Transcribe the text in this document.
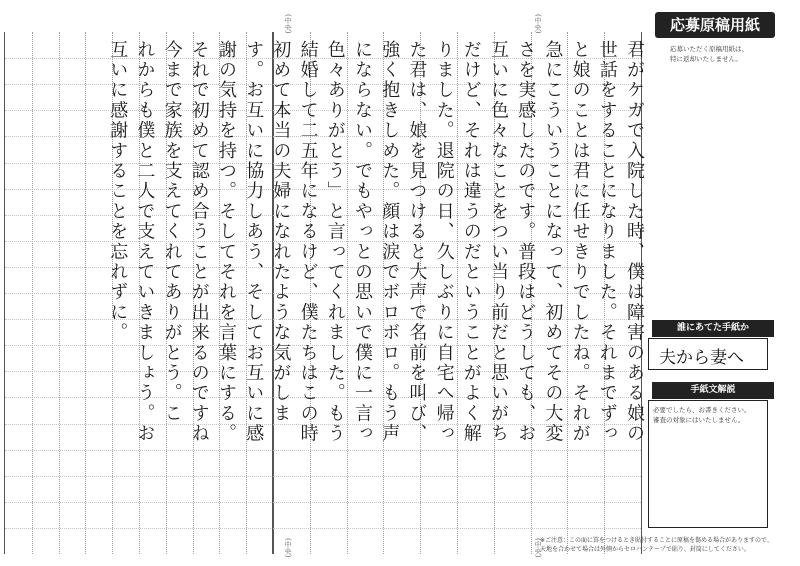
(中央)	(中央)
(中央)	(中央)
君がケガで入院した時、僕は障害のある娘の
世話をすることになりました。それまでずっ
と娘のことは君に任せきりでしたね。それが
急にこういうことになって、初めてその大変
さを実感したのです。普段はどうしても、お
互いに色々なことをつい当り前だと思いがち
だけど、それは違うのだということがよく解
りました。退院の日、久しぶりに自宅へ帰っ
た君は、娘を見つけると大声で名前を叫び、
強く抱きしめた。顔は涙でボロボロ。もう声
にならない。でもやっとの思いで僕に一言っ
色々ありがとう」と言ってくれました。もう
結婚して二五年になるけど、僕たちはこの時
初めて本当の夫婦になれたような気がしま
す。お互いに協力しあう、そしてお互いに感
謝の気持を持つ。そしてそれを言葉にする。
それで初めて認め合うことが出来るのですね
今まで家族を支えてくれてありがとう。こ
れからも僕と二人で支えていきましょう。お
互いに感謝することを忘れずに。
応募原稿用紙
応募いただく原稿用紙は、
特に返却いたしません。
誰にあてた手紙か
夫から妻へ
手紙文解説
必要でしたら、お書きください。
審査の対象にはいたしません。
※ご注意：この面に罫をつけるとき貼付することに原稿を傷める場合がありますので、
天地を合わせて場合は外側からセロハンテープで貼り、封筒にしてください。
